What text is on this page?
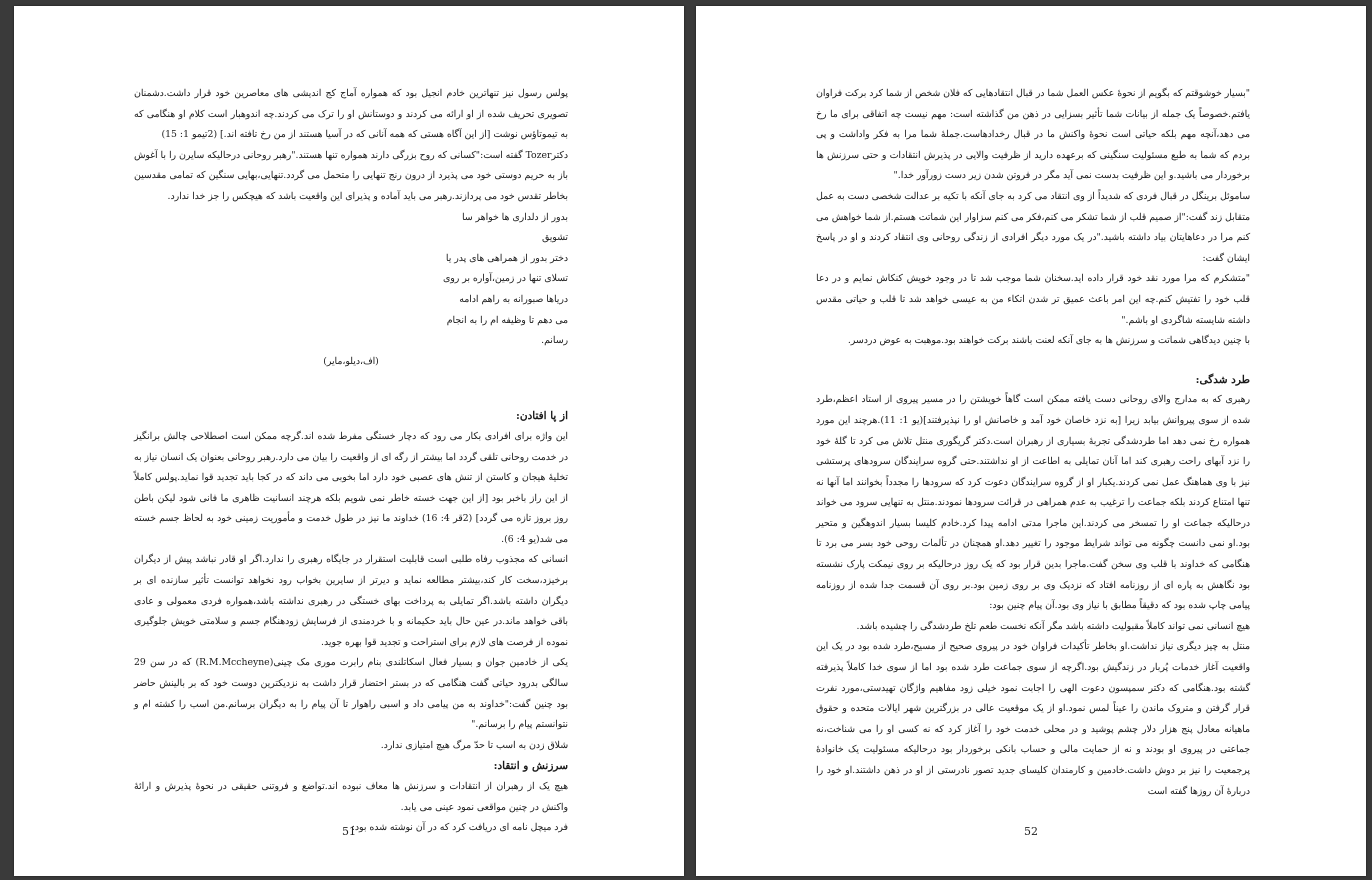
پولس رسول نیز تنهاترین خادم انجیل بود که همواره آماج کج اندیشی های معاصرین خود قرار داشت.دشمنان تصویری تحریف شده از او ارائه می کردند و دوستانش او را ترک می کردند.چه اندوهبار است کلام او هنگامی که به تیموتاؤس نوشت [از این آگاه هستی که همه آنانی که در آسیا هستند از من رخ تافته اند.] (2تیمو 1: 15)

دکترTozer گفته است:"کسانی که روح بزرگی دارند همواره تنها هستند."رهبر روحانی درحالیکه سایرن را با آغوش باز به حریم دوستی خود می پذیرد از درون رنج تنهایی را متحمل می گردد.تنهایی،بهایی سنگین که تمامی مقدسین بخاطر تقدس خود می پردازند.رهبر می باید آماده و پذیرای این واقعیت باشد که هیچکس را جز خدا ندارد.

بدور از دلداری ها خواهر سا تشویق

دختر بدور از همراهی های پدر یا

تسلای تنها در زمین،آواره بر روی

دریاها صبورانه به راهم ادامه

می دهم تا وظیفه ام را به انجام رسانم.

(اف،دیلو،مایر)

از پا افتادن:

این واژه برای افرادی بکار می رود که دچار خستگی مفرط شده اند.گرچه ممکن است اصطلاحی چالش برانگیز در خدمت روحانی تلقی گردد اما بیشتر از رگه ای از واقعیت را بیان می دارد.رهبر روحانی بعنوان یک انسان نیاز به تخلیهٔ هیجان و کاستن از تنش های عصبی خود دارد اما بخوبی می داند که در کجا باید تجدید قوا نماید.پولس کاملاً از این راز باخبر بود [از این جهت خسته خاطر نمی شویم بلکه هرچند انسانیت ظاهری ما فانی شود لیکن باطن روز بروز تازه می گردد] (2قر 4: 16) خداوند ما نیز در طول خدمت و مأموریت زمینی خود به لحاظ جسم خسته می شد(یو 4: 6).

انسانی که مجذوب رفاه طلبی است قابلیت استقرار در جایگاه رهبری را ندارد.اگر او قادر نباشد پیش از دیگران برخیزد،سخت کار کند،بیشتر مطالعه نماید و دیرتر از سایرین بخواب رود نخواهد توانست تأثیر سازنده ای بر دیگران داشته باشد.اگر تمایلی به پرداخت بهای خستگی در رهبری نداشته باشد،همواره فردی معمولی و عادی باقی خواهد ماند.در عین حال باید حکیمانه و با خردمندی از فرسایش زودهنگام جسم و سلامتی خویش جلوگیری نموده از فرصت های لازم برای استراحت و تجدید قوا بهره جوید.

یکی از خادمین جوان و بسیار فعال اسکاتلندی بنام رابرت موری مک چینی(R.M.Mccheyne) که در سن 29 سالگی بدرود حیاتی گفت هنگامی که در بستر احتضار قرار داشت به نزدیکترین دوست خود که بر بالینش حاضر بود چنین گفت:"خداوند به من پیامی داد و اسبی راهوار تا آن پیام را به دیگران برسانم.من اسب را کشته ام و نتوانستم پیام را برسانم."

شلاق زدن به اسب تا حدّ مرگ هیچ امتیازی ندارد.

سرزنش و انتقاد:

هیچ یک از رهبران از انتقادات و سرزنش ها معاف نبوده اند.تواضع و فروتنی حقیقی در نحوهٔ پذیرش و ارائهٔ واکنش در چنین مواقعی نمود عینی می یابد.

فرد میچل نامه ای دریافت کرد که در آن نوشته شده بود:

51

"بسیار خوشوقتم که بگویم از نحوهٔ عکس العمل شما در قبال انتقادهایی که فلان شخص از شما کرد برکت فراوان یافتم.خصوصاً یک جمله از بیانات شما تأثیر بسزایی در ذهن من گذاشته است: مهم نیست چه اتفاقی برای ما رخ می دهد،آنچه مهم بلکه حیاتی است نحوهٔ واکنش ما در قبال رخدادهاست.جملهٔ شما مرا به فکر واداشت و پی بردم که شما به طبع مسئولیت سنگینی که برعهده دارید از ظرفیت والایی در پذیرش انتقادات و حتی سرزنش ها برخوردار می باشید.و این ظرفیت بدست نمی آید مگر در فروتن شدن زیر دست زورآور خدا."

ساموئل برینگل در قبال فردی که شدیداً از وی انتقاد می کرد به جای آنکه با تکیه بر عدالت شخصی دست به عمل متقابل زند گفت:"از صمیم قلب از شما تشکر می کنم،فکر می کنم سزاوار این شماتت هستم.از شما خواهش می کنم مرا در دعاهایتان بیاد داشته باشید."در یک مورد دیگر افرادی از زندگی روحانی وی انتقاد کردند و او در پاسخ ایشان گفت:

"متشکرم که مرا مورد نقد خود قرار داده اید.سخنان شما موجب شد تا در وجود خویش کنکاش نمایم و در دعا قلب خود را تفتیش کنم.چه این امر باعث عمیق تر شدن اتکاء من به عیسی خواهد شد تا قلب و حیاتی مقدس داشته شایسته شاگردی او باشم."

با چنین دیدگاهی شماتت و سرزنش ها به جای آنکه لعنت باشند برکت خواهند بود.موهبت به عوض دردسر.

طرد شدگی:

رهبری که به مدارج والای روحانی دست یافته ممکن است گاهاً خویشتن را در مسیر پیروی از استاد اعظم،طرد شده از سوی پیروانش بیابد زیرا [به نزد خاصان خود آمد و خاصانش او را نپذیرفتند](یو 1: 11).هرچند این مورد همواره رخ نمی دهد اما طردشدگی تجربهٔ بسیاری از رهبران است.دکتر گریگوری منتل تلاش می کرد تا گلهٔ خود را نزد آبهای راحت رهبری کند اما آنان تمایلی به اطاعت از او نداشتند.حتی گروه سرایندگان سرودهای پرستشی نیز با وی هماهنگ عمل نمی کردند.یکبار او از گروه سرایندگان دعوت کرد که سرودها را مجدداً بخوانند اما آنها نه تنها امتناع کردند بلکه جماعت را ترغیب به عدم همراهی در قرائت سرودها نمودند.منتل به تنهایی سرود می خواند درحالیکه جماعت او را تمسخر می کردند.این ماجرا مدتی ادامه پیدا کرد.خادم کلیسا بسیار اندوهگین و متحیر بود.او نمی دانست چگونه می تواند شرایط موجود را تغییر دهد.او همچنان در تألمات روحی خود بسر می برد تا هنگامی که خداوند با قلب وی سخن گفت.ماجرا بدین قرار بود که یک روز درحالیکه بر روی نیمکت پارک نشسته بود نگاهش به پاره ای از روزنامه افتاد که نزدیک وی بر روی زمین بود.بر روی آن قسمت جدا شده از روزنامه پیامی چاپ شده بود که دقیقاً مطابق با نیاز وی بود.آن پیام چنین بود:

هیچ انسانی نمی تواند کاملاً مقبولیت داشته باشد مگر آنکه نخست طعم تلخ طردشدگی را چشیده باشد.

منتل به چیز دیگری نیاز نداشت.او بخاطر تأکیدات فراوان خود در پیروی صحیح از مسیح،طرد شده بود در یک این واقعیت آغاز خدمات پُربار در زندگیش بود.اگرچه از سوی جماعت طرد شده بود اما از سوی خدا کاملاً پذیرفته گشته بود.هنگامی که دکتر سمپسون دعوت الهی را اجابت نمود خیلی زود مفاهیم واژگان تهیدستی،مورد نفرت قرار گرفتن و متروک ماندن را عیناً لمس نمود.او از یک موقعیت عالی در بزرگترین شهر ایالات متحده و حقوق ماهیانه معادل پنج هزار دلار چشم پوشید و در محلی خدمت خود را آغاز کرد که نه کسی او را می شناخت،نه جماعتی در پیروی او بودند و نه از حمایت مالی و حساب بانکی برخوردار بود درحالیکه مسئولیت یک خانوادهٔ پرجمعیت را نیز بر دوش داشت.خادمین و کارمندان کلیسای جدید تصور نادرستی از او در ذهن داشتند.او خود را دربارهٔ آن روزها گفته است

52
